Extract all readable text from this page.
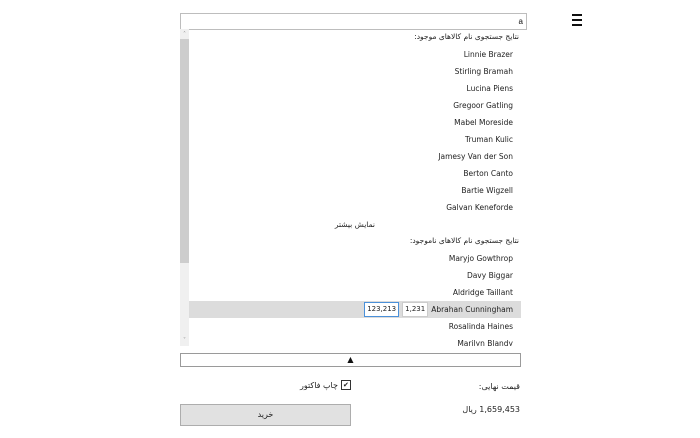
a
˄
˅
نتایج جستجوی نام کالاهای موجود:
Linnie Brazer
Stirling Bramah
Lucina Piens
Gregoor Gatling
Mabel Moreside
Truman Kulic
Jamesy Van der Son
Berton Canto
Bartie Wigzell
Galvan Keneforde
نمایش بیشتر
نتایج جستجوی نام کالاهای ناموجود:
Maryjo Gowthrop
Davy Biggar
Aldridge Taillant
Abrahan Cunningham
1,231
123,213
Rosalinda Haines
Marilyn Blandy
▲
قیمت نهایی:
1,659,453 ریال
✔
چاپ فاکتور
خرید
